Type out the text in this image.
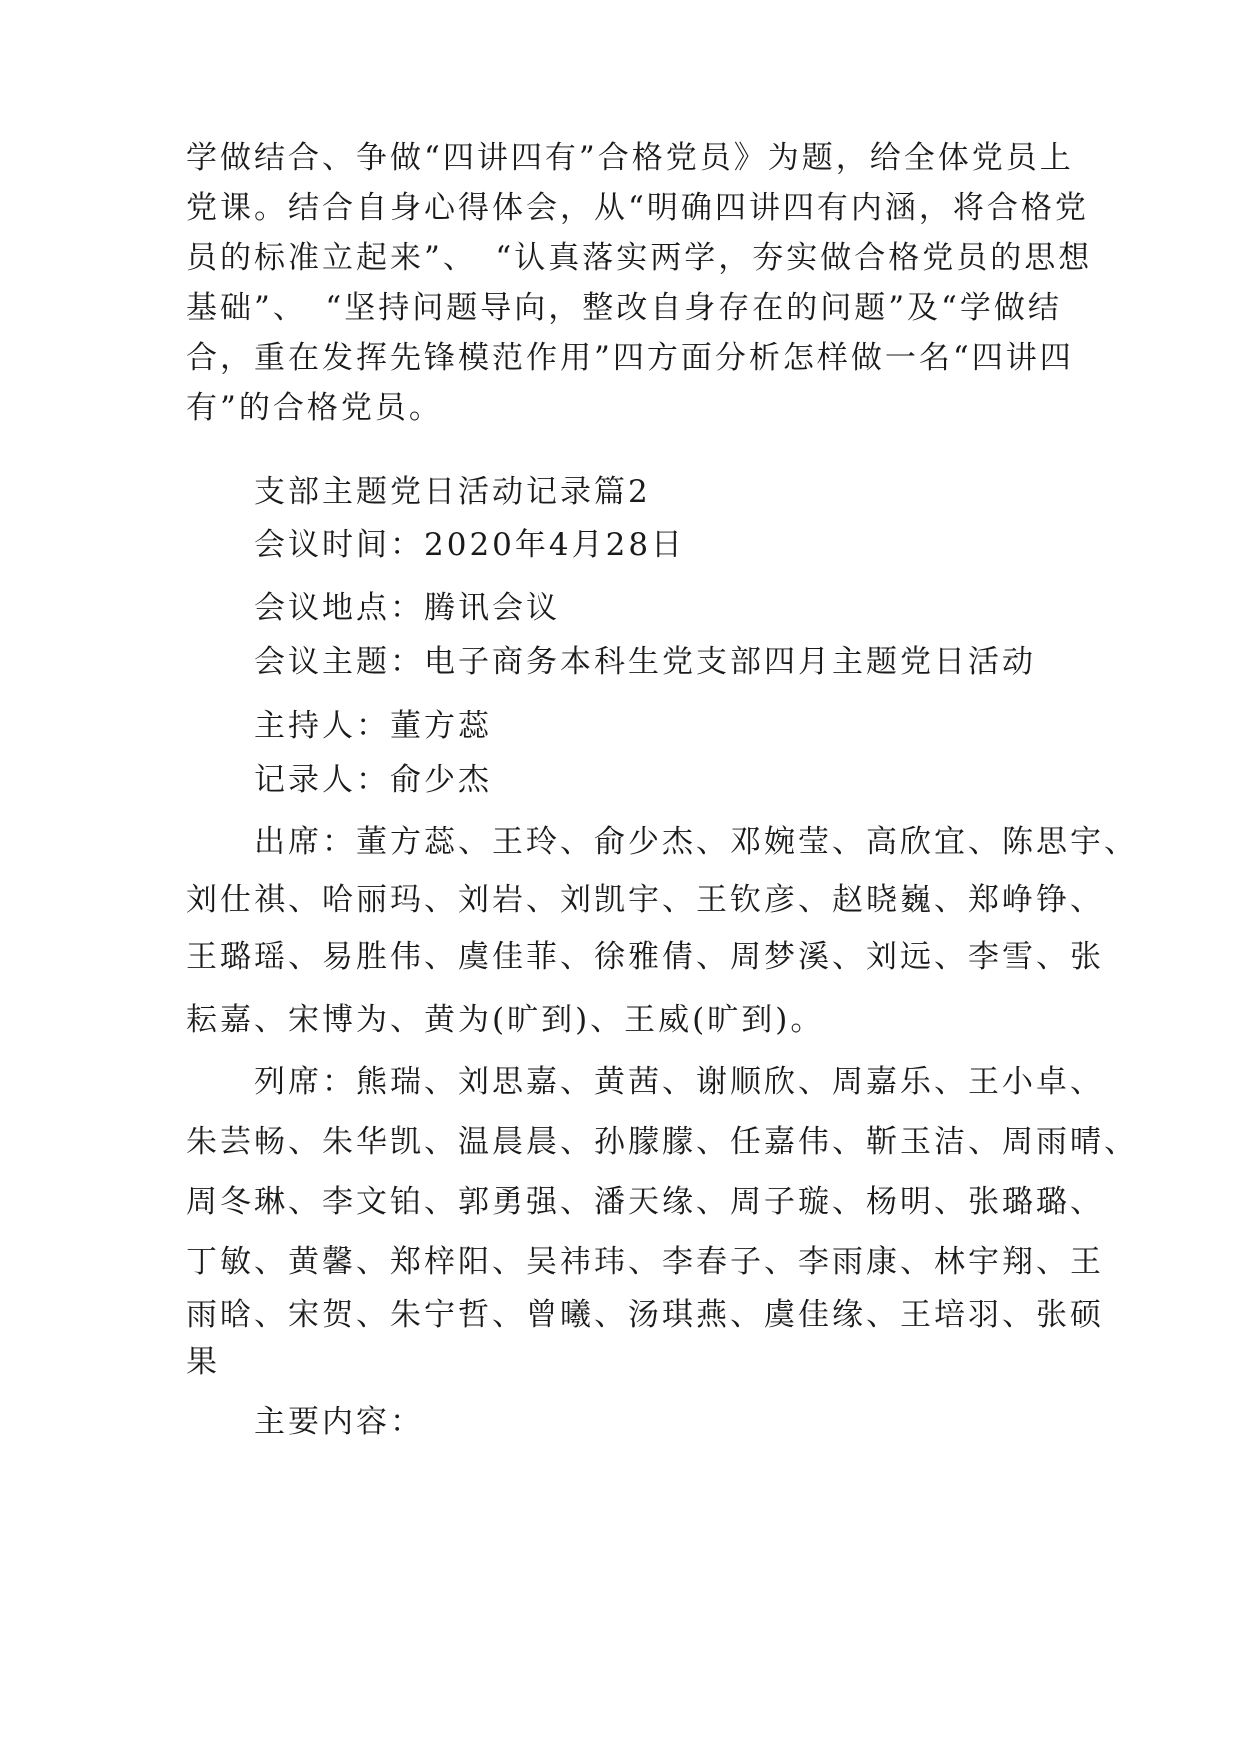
学做结合、争做“四讲四有”合格党员》为题，给全体党员上
党课。结合自身心得体会，从“明确四讲四有内涵，将合格党
员的标准立起来”、　“认真落实两学，夯实做合格党员的思想
基础”、　“坚持问题导向，整改自身存在的问题”及“学做结
合，重在发挥先锋模范作用”四方面分析怎样做一名“四讲四
有”的合格党员。
支部主题党日活动记录篇2
会议时间：2020年4月28日
会议地点：腾讯会议
会议主题：电子商务本科生党支部四月主题党日活动
主持人：董方蕊
记录人：俞少杰
出席：董方蕊、王玲、俞少杰、邓婉莹、高欣宜、陈思宇、
刘仕祺、哈丽玛、刘岩、刘凯宇、王钦彦、赵晓巍、郑峥铮、
王璐瑶、易胜伟、虞佳菲、徐雅倩、周梦溪、刘远、李雪、张
耘嘉、宋博为、黄为(旷到)、王威(旷到)。
列席：熊瑞、刘思嘉、黄茜、谢顺欣、周嘉乐、王小卓、
朱芸畅、朱华凯、温晨晨、孙朦朦、任嘉伟、靳玉洁、周雨晴、
周冬琳、李文铂、郭勇强、潘天缘、周子璇、杨明、张璐璐、
丁敏、黄馨、郑梓阳、吴祎玮、李春子、李雨康、林宇翔、王
雨晗、宋贺、朱宁哲、曾曦、汤琪燕、虞佳缘、王培羽、张硕
果
主要内容：
